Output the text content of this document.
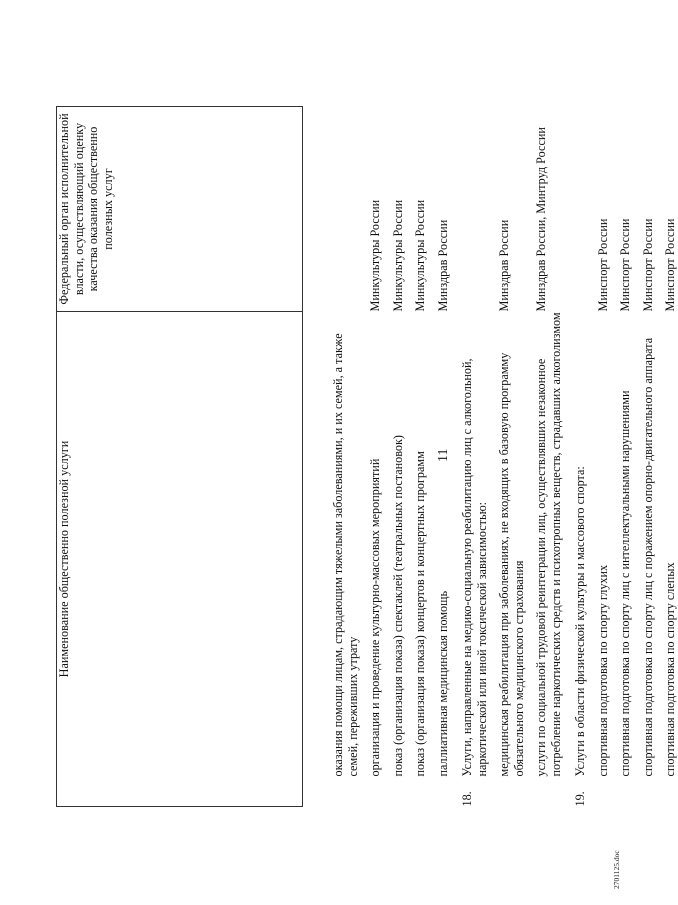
11
Наименование общественно полезной услуги		Федеральный орган исполнительной власти, осуществляющий оценку качества оказания общественно полезных услуг
	оказания помощи лицам, страдающим тяжелыми заболеваниями, и их семей, а также семей, переживших утрату	
	организация и проведение культурно-массовых мероприятий	Минкультуры России
	показ (организация показа) спектаклей (театральных постановок)	Минкультуры России
	показ (организация показа) концертов и концертных программ	Минкультуры России
	паллиативная медицинская помощь	Минздрав России
18.	Услуги, направленные на медико-социальную реабилитацию лиц с алкогольной, наркотической или иной токсической зависимостью:	
	медицинская реабилитация при заболеваниях, не входящих в базовую программу обязательного медицинского страхования	Минздрав России
	услуги по социальной трудовой реинтеграции лиц, осуществлявших незаконное потребление наркотических средств и психотропных веществ, страдавших алкоголизмом	Минздрав России, Минтруд России
19.	Услуги в области физической культуры и массового спорта:	
	спортивная подготовка по спорту глухих	Минспорт России
	спортивная подготовка по спорту лиц с интеллектуальными нарушениями	Минспорт России
	спортивная подготовка по спорту лиц с поражением опорно-двигательного аппарата	Минспорт России
	спортивная подготовка по спорту слепых	Минспорт России
2701125.doc
